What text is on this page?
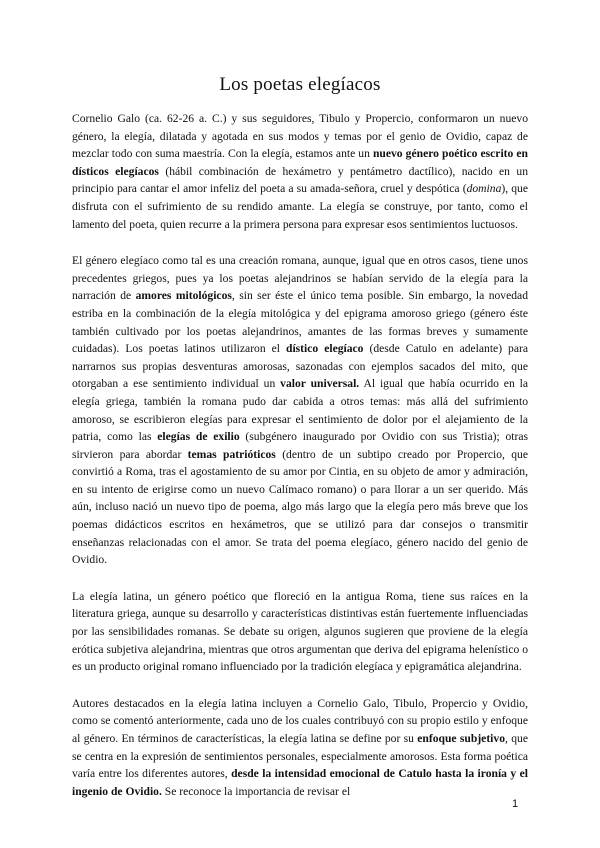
Los poetas elegíacos

Cornelio Galo (ca. 62-26 a. C.) y sus seguidores, Tibulo y Propercio, conformaron un nuevo género, la elegía, dilatada y agotada en sus modos y temas por el genio de Ovidio, capaz de mezclar todo con suma maestría. Con la elegía, estamos ante un nuevo género poético escrito en dísticos elegíacos (hábil combinación de hexámetro y pentámetro dactílico), nacido en un principio para cantar el amor infeliz del poeta a su amada-señora, cruel y despótica (domina), que disfruta con el sufrimiento de su rendido amante. La elegía se construye, por tanto, como el lamento del poeta, quien recurre a la primera persona para expresar esos sentimientos luctuosos.

El género elegíaco como tal es una creación romana, aunque, igual que en otros casos, tiene unos precedentes griegos, pues ya los poetas alejandrinos se habían servido de la elegía para la narración de amores mitológicos, sin ser éste el único tema posible. Sin embargo, la novedad estriba en la combinación de la elegía mitológica y del epigrama amoroso griego (género éste también cultivado por los poetas alejandrinos, amantes de las formas breves y sumamente cuidadas). Los poetas latinos utilizaron el dístico elegíaco (desde Catulo en adelante) para narrarnos sus propias desventuras amorosas, sazonadas con ejemplos sacados del mito, que otorgaban a ese sentimiento individual un valor universal. Al igual que había ocurrido en la elegía griega, también la romana pudo dar cabida a otros temas: más allá del sufrimiento amoroso, se escribieron elegías para expresar el sentimiento de dolor por el alejamiento de la patria, como las elegías de exilio (subgénero inaugurado por Ovidio con sus Tristia); otras sirvieron para abordar temas patrióticos (dentro de un subtipo creado por Propercio, que convirtió a Roma, tras el agostamiento de su amor por Cintia, en su objeto de amor y admiración, en su intento de erigirse como un nuevo Calímaco romano) o para llorar a un ser querido. Más aún, incluso nació un nuevo tipo de poema, algo más largo que la elegía pero más breve que los poemas didácticos escritos en hexámetros, que se utilizó para dar consejos o transmitir enseñanzas relacionadas con el amor. Se trata del poema elegíaco, género nacido del genio de Ovidio.

La elegía latina, un género poético que floreció en la antigua Roma, tiene sus raíces en la literatura griega, aunque su desarrollo y características distintivas están fuertemente influenciadas por las sensibilidades romanas. Se debate su origen, algunos sugieren que proviene de la elegía erótica subjetiva alejandrina, mientras que otros argumentan que deriva del epigrama helenístico o es un producto original romano influenciado por la tradición elegíaca y epigramática alejandrina.

Autores destacados en la elegía latina incluyen a Cornelio Galo, Tibulo, Propercio y Ovidio, como se comentó anteriormente, cada uno de los cuales contribuyó con su propio estilo y enfoque al género. En términos de características, la elegía latina se define por su enfoque subjetivo, que se centra en la expresión de sentimientos personales, especialmente amorosos. Esta forma poética varía entre los diferentes autores, desde la intensidad emocional de Catulo hasta la ironía y el ingenio de Ovidio. Se reconoce la importancia de revisar el

1
